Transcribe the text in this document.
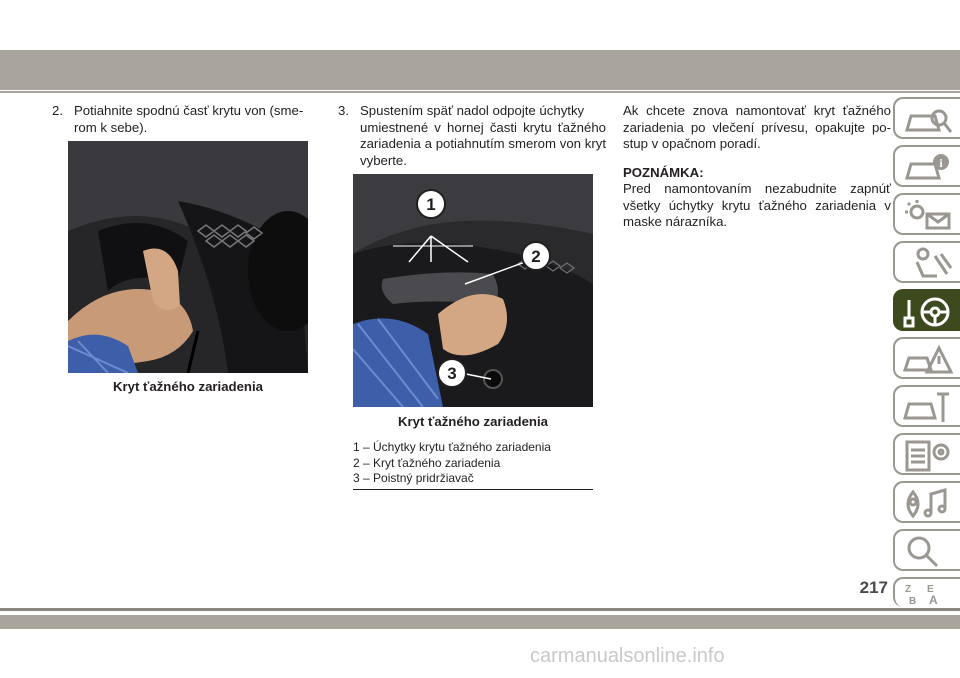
2. Potiahnite spodnú časť krytu von (sme-
rom k sebe).
Kryt ťažného zariadenia
3. Spustením späť nadol odpojte úchytky
umiestnené v hornej časti krytu ťažného zariadenia a potiahnutím smerom von kryt vyberte.
1
2
3
Kryt ťažného zariadenia
1 – Úchytky krytu ťažného zariadenia
2 – Kryt ťažného zariadenia
3 – Poistný pridržiavač
Ak chcete znova namontovať kryt ťažného zariadenia po vlečení prívesu, opakujte po-stup v opačnom poradí.
POZNÁMKA:
Pred namontovaním nezabudnite zapnúť všetky úchytky krytu ťažného zariadenia v maske nárazníka.
i
Z E
B A
217
carmanualsonline.info
